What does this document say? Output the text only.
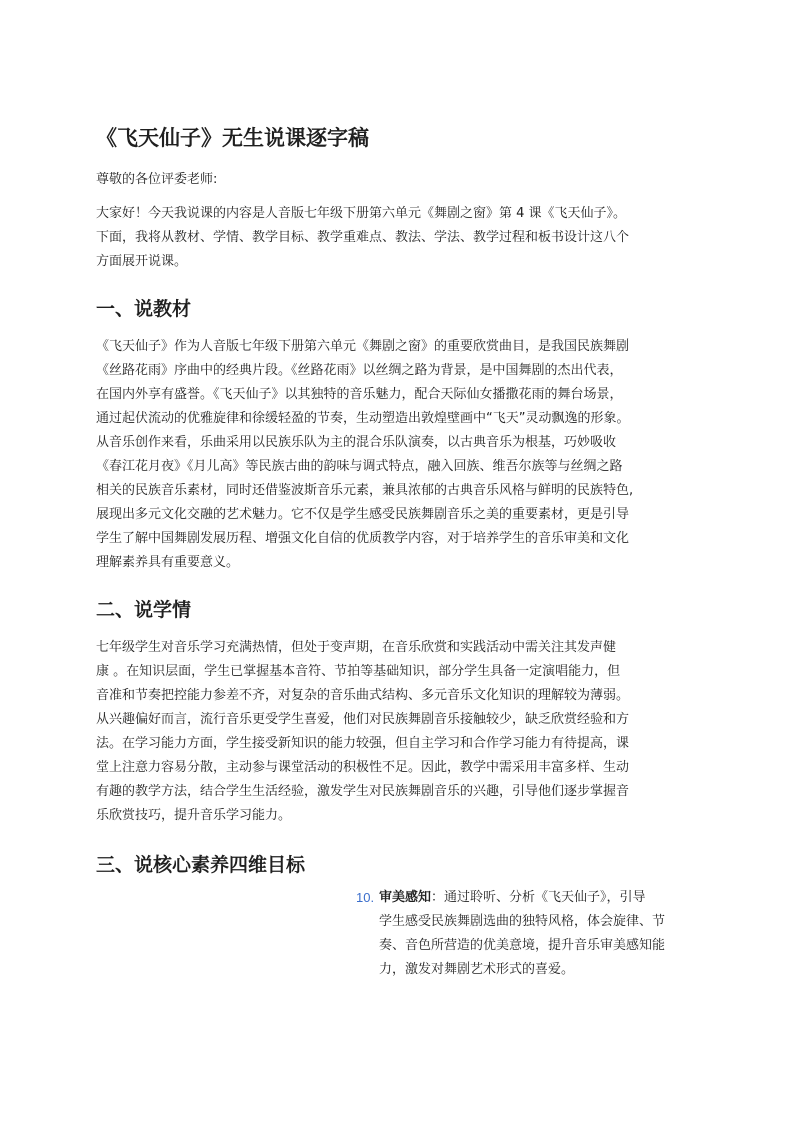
《飞天仙子》无生说课逐字稿
尊敬的各位评委老师:
大家好！今天我说课的内容是人音版七年级下册第六单元《舞剧之窗》第 4 课《飞天仙子》。
下面，我将从教材、学情、教学目标、教学重难点、教法、学法、教学过程和板书设计这八个
方面展开说课。
一、说教材
《飞天仙子》作为人音版七年级下册第六单元《舞剧之窗》的重要欣赏曲目，是我国民族舞剧
《丝路花雨》序曲中的经典片段。《丝路花雨》以丝绸之路为背景，是中国舞剧的杰出代表，
在国内外享有盛誉。《飞天仙子》以其独特的音乐魅力，配合天际仙女播撒花雨的舞台场景，
通过起伏流动的优雅旋律和徐缓轻盈的节奏，生动塑造出敦煌壁画中“飞天”灵动飘逸的形象。
从音乐创作来看，乐曲采用以民族乐队为主的混合乐队演奏，以古典音乐为根基，巧妙吸收
《春江花月夜》《月儿高》等民族古曲的韵味与调式特点，融入回族、维吾尔族等与丝绸之路
相关的民族音乐素材，同时还借鉴波斯音乐元素，兼具浓郁的古典音乐风格与鲜明的民族特色,
展现出多元文化交融的艺术魅力。它不仅是学生感受民族舞剧音乐之美的重要素材，更是引导
学生了解中国舞剧发展历程、增强文化自信的优质教学内容，对于培养学生的音乐审美和文化
理解素养具有重要意义。
二、说学情
七年级学生对音乐学习充满热情，但处于变声期，在音乐欣赏和实践活动中需关注其发声健
康 。在知识层面，学生已掌握基本音符、节拍等基础知识，部分学生具备一定演唱能力，但
音准和节奏把控能力参差不齐，对复杂的音乐曲式结构、多元音乐文化知识的理解较为薄弱。
从兴趣偏好而言，流行音乐更受学生喜爱，他们对民族舞剧音乐接触较少，缺乏欣赏经验和方
法。在学习能力方面，学生接受新知识的能力较强，但自主学习和合作学习能力有待提高，课
堂上注意力容易分散，主动参与课堂活动的积极性不足。因此，教学中需采用丰富多样、生动
有趣的教学方法，结合学生生活经验，激发学生对民族舞剧音乐的兴趣，引导他们逐步掌握音
乐欣赏技巧，提升音乐学习能力。
三、说核心素养四维目标
10. 审美感知：通过聆听、分析《飞天仙子》，引导
学生感受民族舞剧选曲的独特风格，体会旋律、节
奏、音色所营造的优美意境，提升音乐审美感知能
力，激发对舞剧艺术形式的喜爱。
